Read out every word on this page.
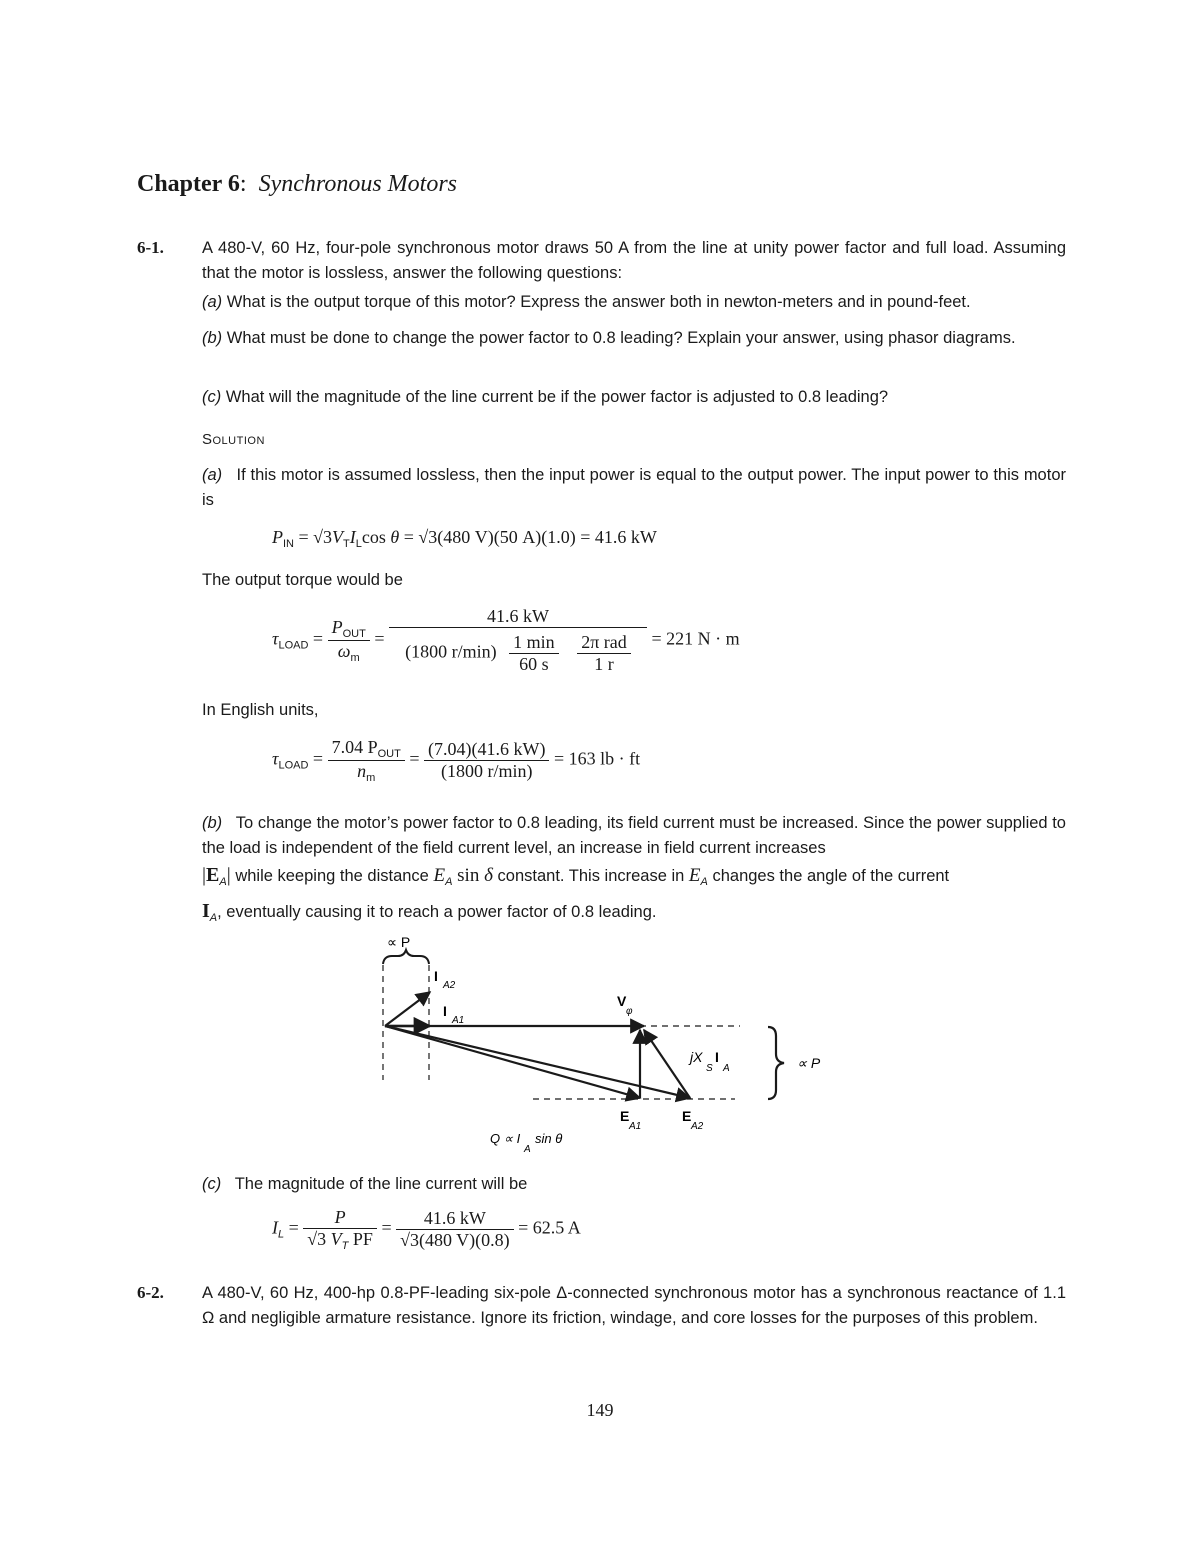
Chapter 6: Synchronous Motors
6-1. A 480-V, 60 Hz, four-pole synchronous motor draws 50 A from the line at unity power factor and full load. Assuming that the motor is lossless, answer the following questions:
(a) What is the output torque of this motor? Express the answer both in newton-meters and in pound-feet.
(b) What must be done to change the power factor to 0.8 leading? Explain your answer, using phasor diagrams.
(c) What will the magnitude of the line current be if the power factor is adjusted to 0.8 leading?
Solution
(a) If this motor is assumed lossless, then the input power is equal to the output power. The input power to this motor is
$P_{IN} = √3V_TI_L\cos$ θ = √3(480 V)(50 A)(1.0) = 41.6 kW
The output torque would be
$\tau_{LOAD} = \frac{P_{OUT}}{\omega_m} = 41.6$ kW
(1800 $r/\min) \frac{1 \min}{60 s}$
$\frac{\text{2π rad}}{1 r} = 221$ N · m
In English units,
$\tau_{LOAD} = \frac{7.04 P_{OUT}}{n_m} = \frac{(7.04)(41.6 kW)}{(1800 r/\min)} = 163$ lb · ft
(b) To change the motor’s power factor to 0.8 leading, its field current must be increased. Since the power supplied to the load is independent of the field current level, an increase in field current increases
$|E_A|$ while keeping the distance $E_A$ sin δ constant. This increase in $E_A$ changes the angle of the current
$I_A$, eventually causing it to reach a power factor of 0.8 leading.
∝ P
I
A2
I
A1
V
φ
jX
S
I
A
E
A1
E
A2
∝ P
Q ∝ I
A
sin θ
(c) The magnitude of the line current will be
$I_L = \frac{P}{√3 V_T PF} = \frac{41.6 kW}{√3(480 V)(0.8)} = 62.5$ A
6-2. A 480-V, 60 Hz, 400-hp 0.8-PF-leading six-pole Δ-connected synchronous motor has a synchronous reactance of 1.1 Ω and negligible armature resistance. Ignore its friction, windage, and core losses for the purposes of this problem.
149
